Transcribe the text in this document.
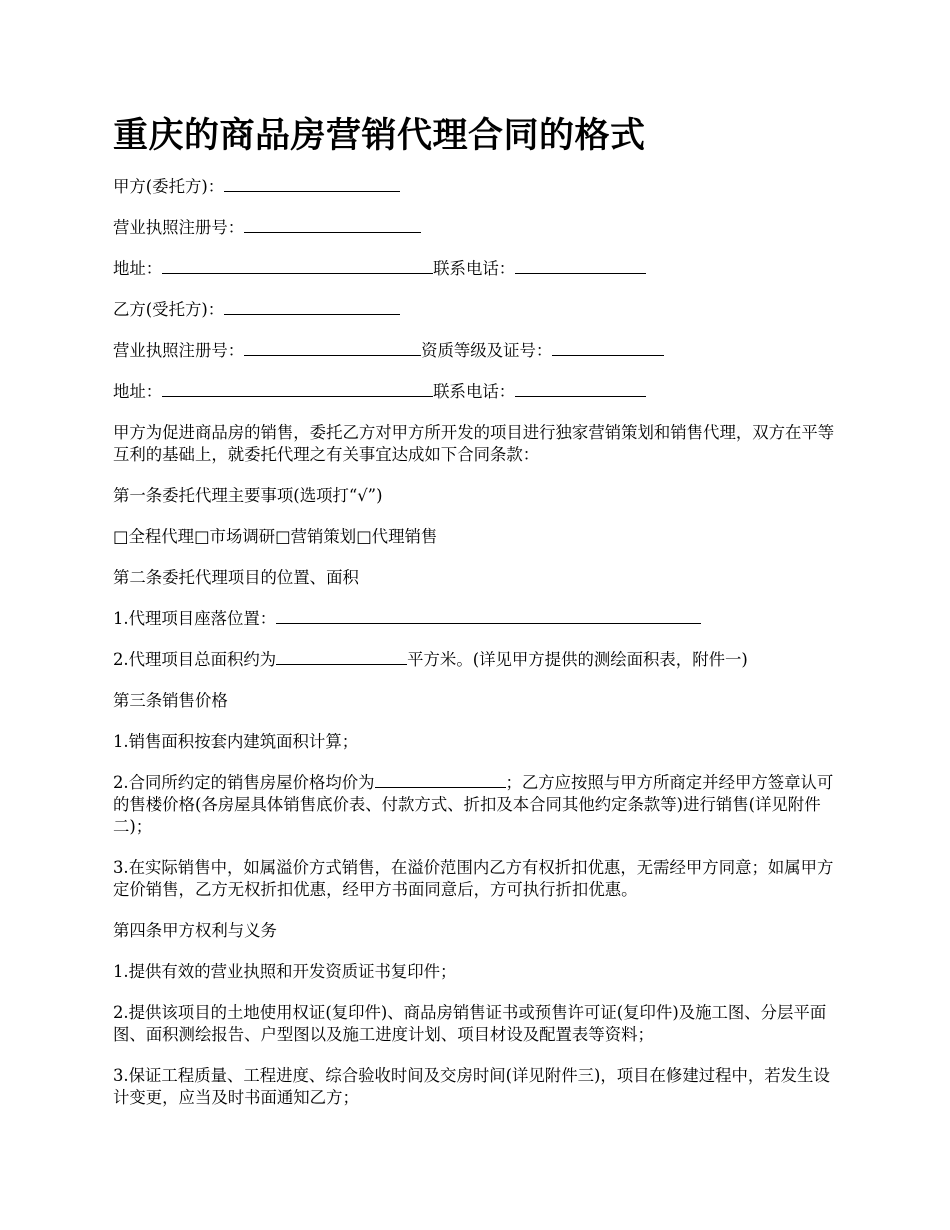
重庆的商品房营销代理合同的格式
甲方(委托方)：
营业执照注册号：
地址：	联系电话：
乙方(受托方)：
营业执照注册号：	资质等级及证号：
地址：	联系电话：
甲方为促进商品房的销售，委托乙方对甲方所开发的项目进行独家营销策划和销售代理，双方在平等互利的基础上，就委托代理之有关事宜达成如下合同条款：
第一条委托代理主要事项(选项打“√”)
□全程代理□市场调研□营销策划□代理销售
第二条委托代理项目的位置、面积
1.代理项目座落位置：
2.代理项目总面积约为	平方米。(详见甲方提供的测绘面积表，附件一)
第三条销售价格
1.销售面积按套内建筑面积计算；
2.合同所约定的销售房屋价格均价为	；乙方应按照与甲方所商定并经甲方签章认可的售楼价格(各房屋具体销售底价表、付款方式、折扣及本合同其他约定条款等)进行销售(详见附件二)；
3.在实际销售中，如属溢价方式销售，在溢价范围内乙方有权折扣优惠，无需经甲方同意；如属甲方定价销售，乙方无权折扣优惠，经甲方书面同意后，方可执行折扣优惠。
第四条甲方权利与义务
1.提供有效的营业执照和开发资质证书复印件；
2.提供该项目的土地使用权证(复印件)、商品房销售证书或预售许可证(复印件)及施工图、分层平面图、面积测绘报告、户型图以及施工进度计划、项目材设及配置表等资料；
3.保证工程质量、工程进度、综合验收时间及交房时间(详见附件三)，项目在修建过程中，若发生设计变更，应当及时书面通知乙方；
